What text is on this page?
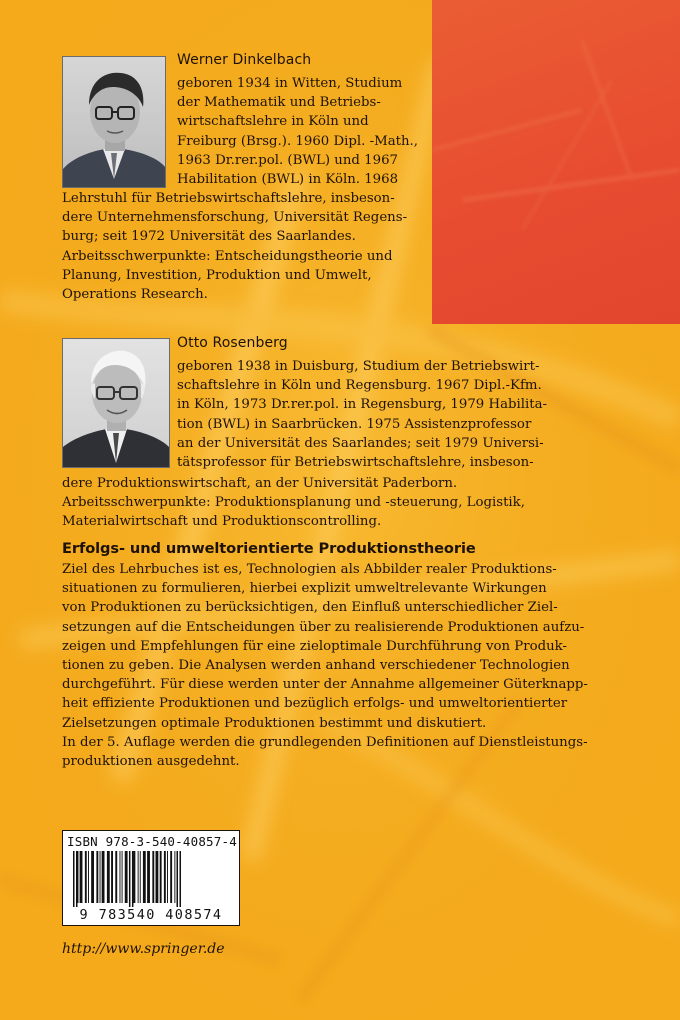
Werner Dinkelbach

geboren 1934 in Witten, Studium
der Mathematik und Betriebs-
wirtschaftslehre in Köln und
Freiburg (Brsg.). 1960 Dipl. -Math.,
1963 Dr.rer.pol. (BWL) und 1967
Habilitation (BWL) in Köln. 1968

Lehrstuhl für Betriebswirtschaftslehre, insbeson-
dere Unternehmensforschung, Universität Regens-
burg; seit 1972 Universität des Saarlandes.
Arbeitsschwerpunkte: Entscheidungstheorie und
Planung, Investition, Produktion und Umwelt,
Operations Research.

Otto Rosenberg

geboren 1938 in Duisburg, Studium der Betriebswirt-
schaftslehre in Köln und Regensburg. 1967 Dipl.-Kfm.
in Köln, 1973 Dr.rer.pol. in Regensburg, 1979 Habilita-
tion (BWL) in Saarbrücken. 1975 Assistenzprofessor
an der Universität des Saarlandes; seit 1979 Universi-
tätsprofessor für Betriebswirtschaftslehre, insbeson-

dere Produktionswirtschaft, an der Universität Paderborn.
Arbeitsschwerpunkte: Produktionsplanung und -steuerung, Logistik,
Materialwirtschaft und Produktionscontrolling.

Erfolgs- und umweltorientierte Produktionstheorie

Ziel des Lehrbuches ist es, Technologien als Abbilder realer Produktions-
situationen zu formulieren, hierbei explizit umweltrelevante Wirkungen
von Produktionen zu berücksichtigen, den Einfluß unterschiedlicher Ziel-
setzungen auf die Entscheidungen über zu realisierende Produktionen aufzu-
zeigen und Empfehlungen für eine zieloptimale Durchführung von Produk-
tionen zu geben. Die Analysen werden anhand verschiedener Technologien
durchgeführt. Für diese werden unter der Annahme allgemeiner Güterknapp-
heit effiziente Produktionen und bezüglich erfolgs- und umweltorientierter
Zielsetzungen optimale Produktionen bestimmt und diskutiert.
In der 5. Auflage werden die grundlegenden Definitionen auf Dienstleistungs-
produktionen ausgedehnt.

ISBN 978-3-540-40857-4
9 783540 408574
http://www.springer.de
